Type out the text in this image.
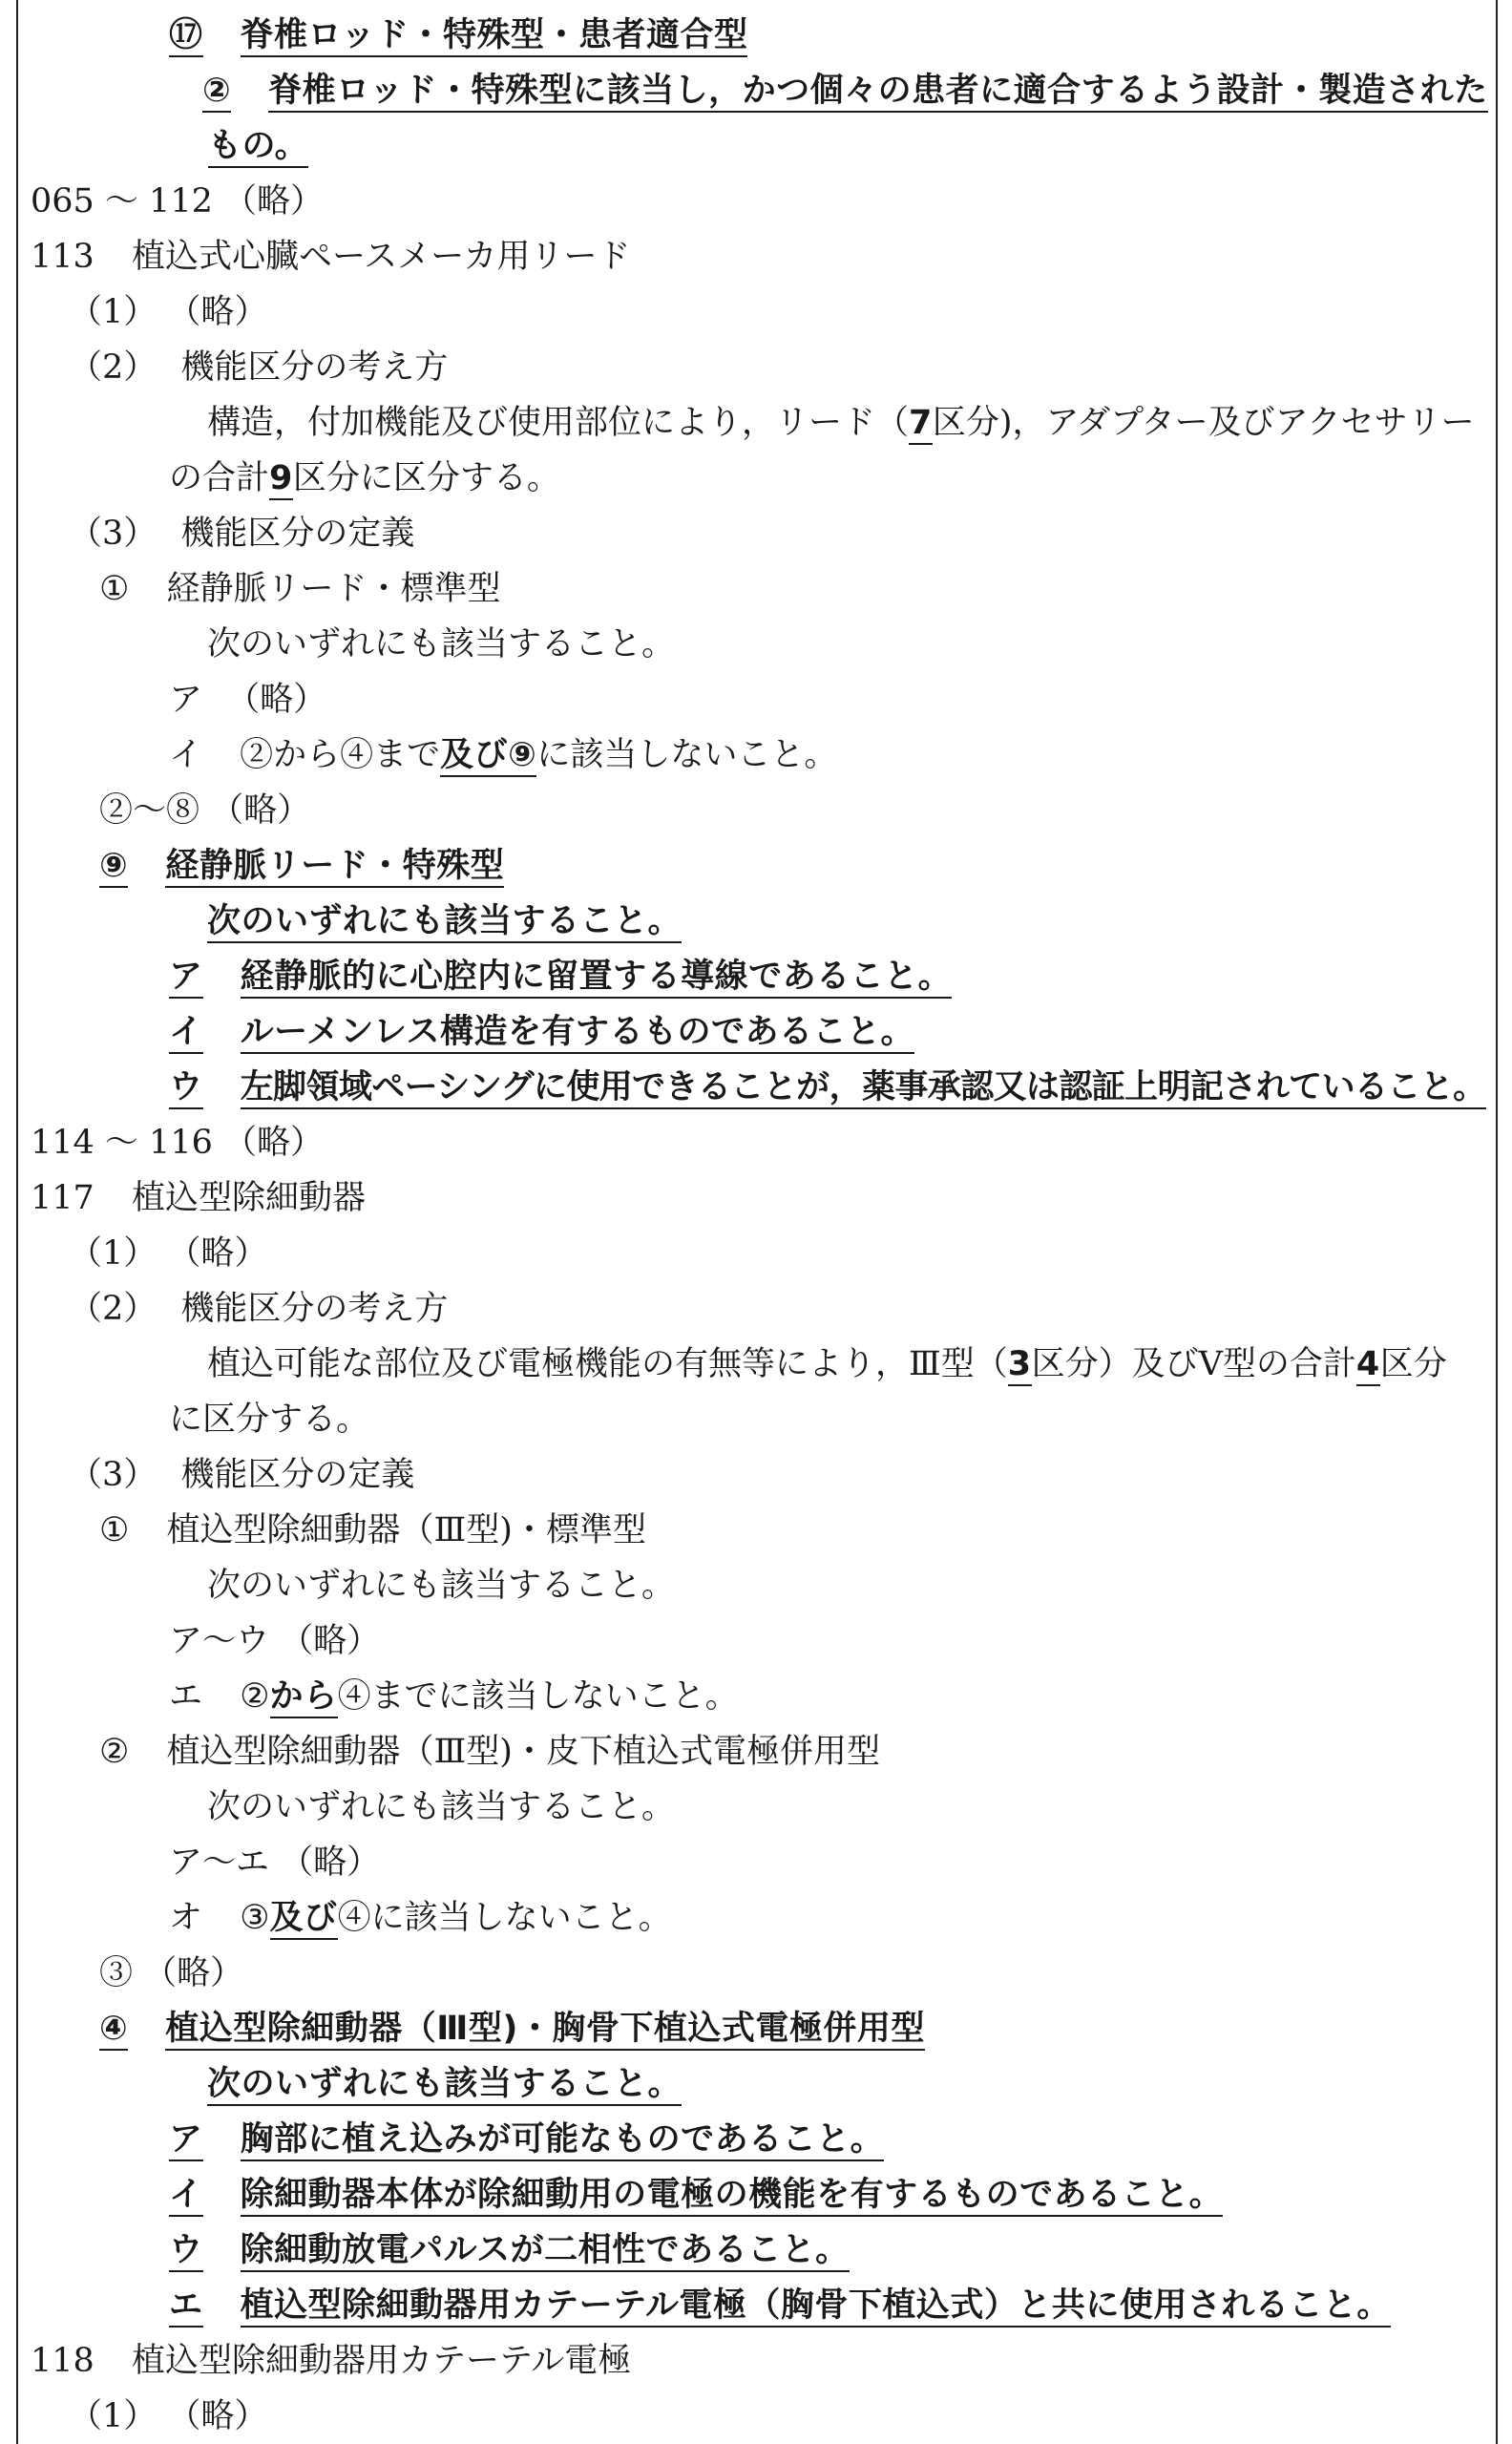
⑰ 脊椎ロッド・特殊型・患者適合型
② 脊椎ロッド・特殊型に該当し，かつ個々の患者に適合するよう設計・製造された
もの。
065 ～ 112 （略）
113 植込式心臓ペースメーカ用リード
（1） （略）
（2） 機能区分の考え方
構造，付加機能及び使用部位により，リード（7区分)，アダプター及びアクセサリー
の合計9区分に区分する。
（3） 機能区分の定義
① 経静脈リード・標準型
次のいずれにも該当すること。
ア （略）
イ ②から④まで及び⑨に該当しないこと。
②～⑧ （略）
⑨ 経静脈リード・特殊型
次のいずれにも該当すること。
ア 経静脈的に心腔内に留置する導線であること。
イ ルーメンレス構造を有するものであること。
ウ 左脚領域ペーシングに使用できることが，薬事承認又は認証上明記されていること。
114 ～ 116 （略）
117 植込型除細動器
（1） （略）
（2） 機能区分の考え方
植込可能な部位及び電極機能の有無等により，Ⅲ型（3区分）及びⅤ型の合計4区分
に区分する。
（3） 機能区分の定義
① 植込型除細動器（Ⅲ型)・標準型
次のいずれにも該当すること。
ア～ウ （略）
エ ②から④までに該当しないこと。
② 植込型除細動器（Ⅲ型)・皮下植込式電極併用型
次のいずれにも該当すること。
ア～エ （略）
オ ③及び④に該当しないこと。
③ （略）
④ 植込型除細動器（Ⅲ型)・胸骨下植込式電極併用型
次のいずれにも該当すること。
ア 胸部に植え込みが可能なものであること。
イ 除細動器本体が除細動用の電極の機能を有するものであること。
ウ 除細動放電パルスが二相性であること。
エ 植込型除細動器用カテーテル電極（胸骨下植込式）と共に使用されること。
118 植込型除細動器用カテーテル電極
（1） （略）
